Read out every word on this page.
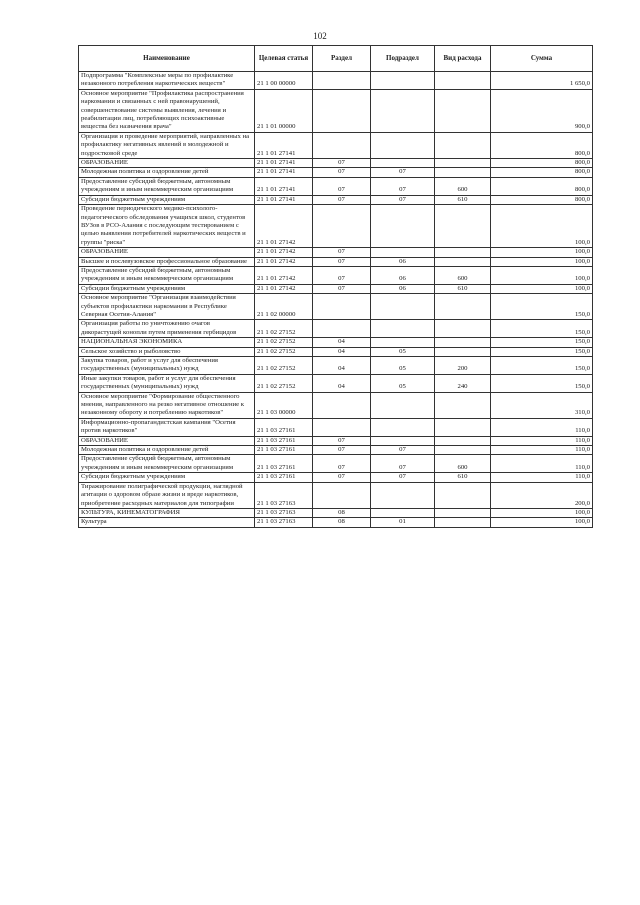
102
Наименование	Целевая статья	Раздел	Подраздел	Вид расхода	Сумма
Подпрограмма "Комплексные меры по профилактике незаконного потребления наркотических веществ"	21 1 00 00000				1 650,0
Основное мероприятие "Профилактика распространения наркомании и связанных с ней правонарушений, совершенствование системы выявления, лечения и реабилитации лиц, потребляющих психоактивные вещества без назначения врача"	21 1 01 00000				900,0
Организация и проведение мероприятий, направленных на профилактику негативных явлений в молодежной и подростковой среде	21 1 01 27141				800,0
ОБРАЗОВАНИЕ	21 1 01 27141	07			800,0
Молодежная политика и оздоровление детей	21 1 01 27141	07	07		800,0
Предоставление субсидий бюджетным, автономным учреждениям и иным некоммерческим организациям	21 1 01 27141	07	07	600	800,0
Субсидии бюджетным учреждениям	21 1 01 27141	07	07	610	800,0
Проведение периодического медико-психолого-педагогического обследования учащихся школ, студентов ВУЗов в РСО-Алания с последующим тестированием с целью выявления потребителей наркотических веществ и группы "риска"	21 1 01 27142				100,0
ОБРАЗОВАНИЕ	21 1 01 27142	07			100,0
Высшее и послевузовское профессиональное образование	21 1 01 27142	07	06		100,0
Предоставление субсидий бюджетным, автономным учреждениям и иным некоммерческим организациям	21 1 01 27142	07	06	600	100,0
Субсидии бюджетным учреждениям	21 1 01 27142	07	06	610	100,0
Основное мероприятие "Организация взаимодействия субъектов профилактики наркомании в Республике Северная Осетия-Алания"	21 1 02 00000				150,0
Организация работы по уничтожению очагов дикорастущей конопли путем применения гербицидов	21 1 02 27152				150,0
НАЦИОНАЛЬНАЯ ЭКОНОМИКА	21 1 02 27152	04			150,0
Сельское хозяйство и рыболовство	21 1 02 27152	04	05		150,0
Закупка товаров, работ и услуг для обеспечения государственных (муниципальных) нужд	21 1 02 27152	04	05	200	150,0
Иные закупки товаров, работ и услуг для обеспечения государственных (муниципальных) нужд	21 1 02 27152	04	05	240	150,0
Основное мероприятие "Формирование общественного мнения, направленного на резко негативное отношение к незаконному обороту и потреблению наркотиков"	21 1 03 00000				310,0
Информационно-пропагандистская кампания "Осетия против наркотиков"	21 1 03 27161				110,0
ОБРАЗОВАНИЕ	21 1 03 27161	07			110,0
Молодежная политика и оздоровление детей	21 1 03 27161	07	07		110,0
Предоставление субсидий бюджетным, автономным учреждениям и иным некоммерческим организациям	21 1 03 27161	07	07	600	110,0
Субсидии бюджетным учреждениям	21 1 03 27161	07	07	610	110,0
Тиражирование полиграфической продукции, наглядной агитации о здоровом образе жизни и вреде наркотиков, приобретение расходных материалов для типографии	21 1 03 27163				200,0
КУЛЬТУРА, КИНЕМАТОГРАФИЯ	21 1 03 27163	08			100,0
Культура	21 1 03 27163	08	01		100,0
